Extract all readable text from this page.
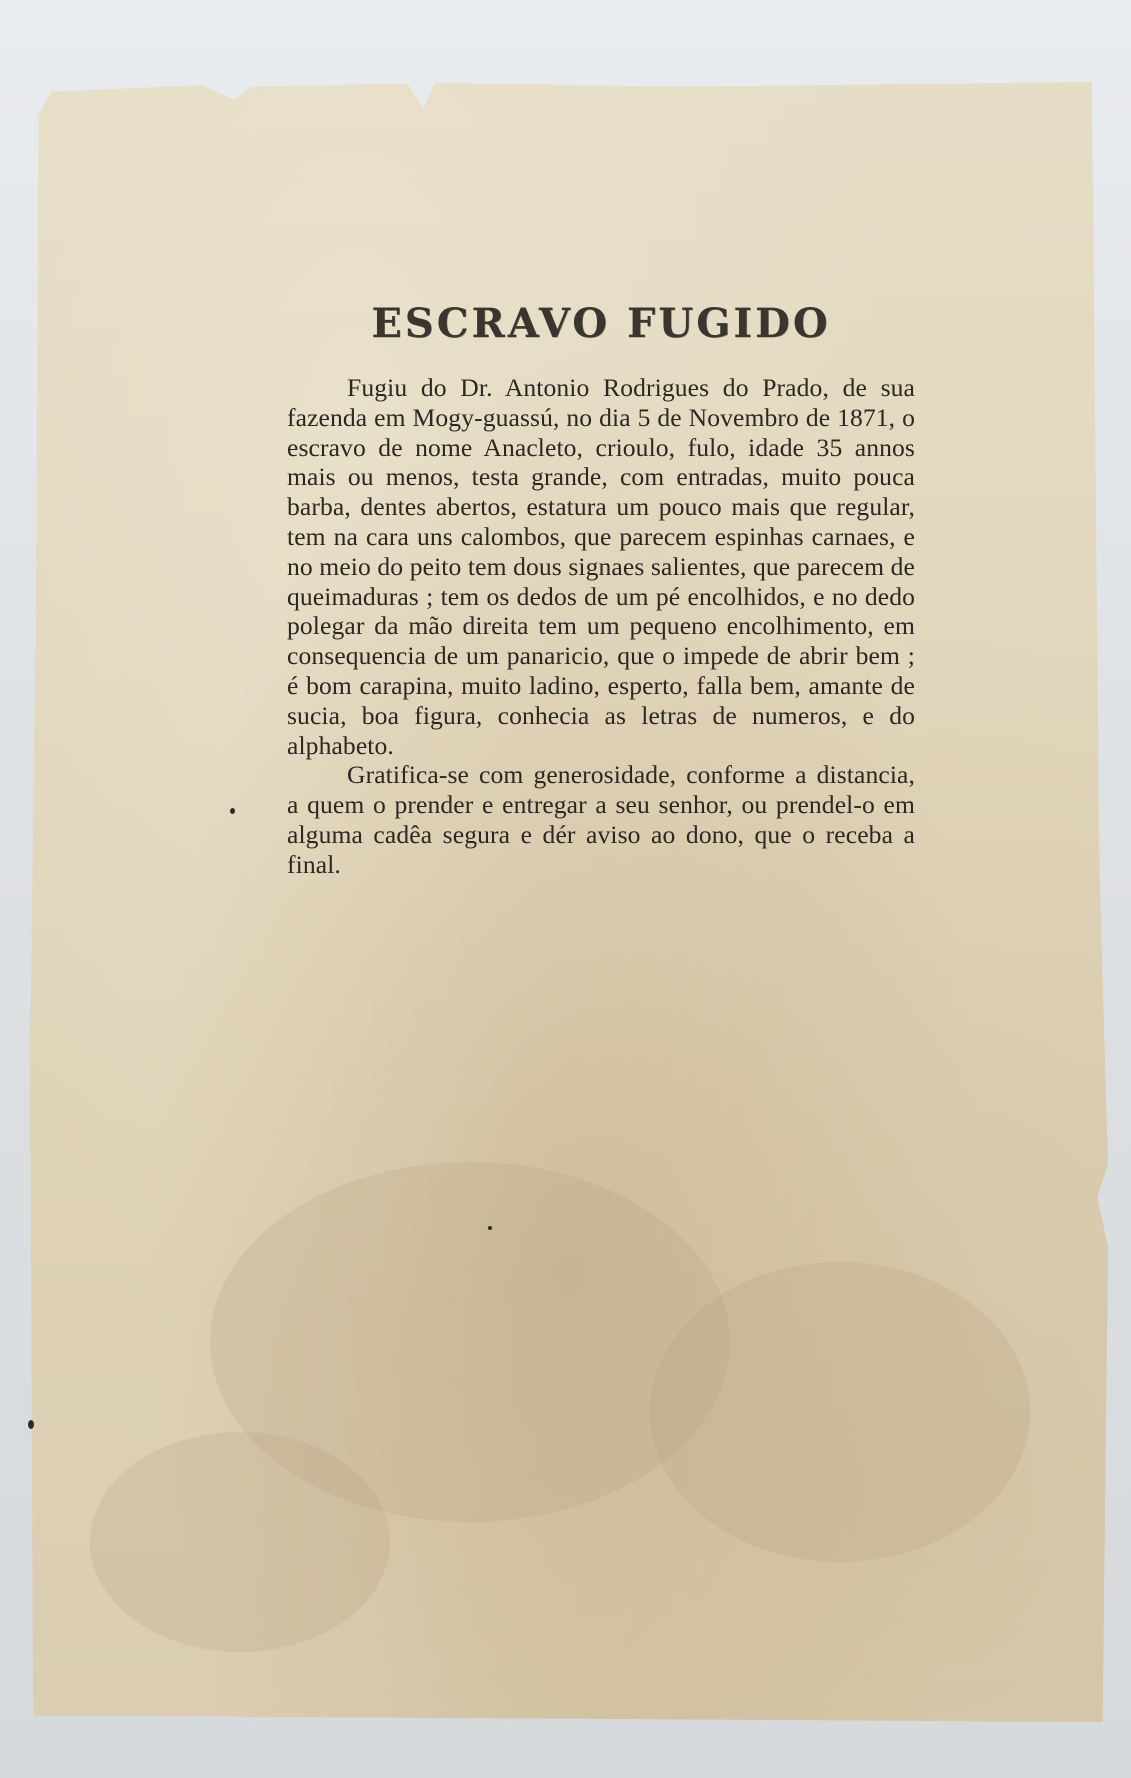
ESCRAVO FUGIDO

Fugiu do Dr. Antonio Rodrigues do Prado, de sua fazenda em Mogy-guassú, no dia 5 de Novembro de 1871, o escravo de nome Anacleto, crioulo, fulo, idade 35 annos mais ou menos, testa grande, com entradas, muito pouca barba, dentes abertos, estatura um pouco mais que regular, tem na cara uns calombos, que parecem espinhas carnaes, e no meio do peito tem dous signaes salientes, que parecem de queimaduras ; tem os dedos de um pé encolhidos, e no dedo polegar da mão direita tem um pequeno encolhimento, em consequencia de um panaricio, que o impede de abrir bem ; é bom carapina, muito ladino, esperto, falla bem, amante de sucia, boa figura, conhecia as letras de numeros, e do alphabeto.

Gratifica-se com generosidade, conforme a distancia, a quem o prender e entregar a seu senhor, ou prendel-o em alguma cadêa segura e dér aviso ao dono, que o receba a final.
